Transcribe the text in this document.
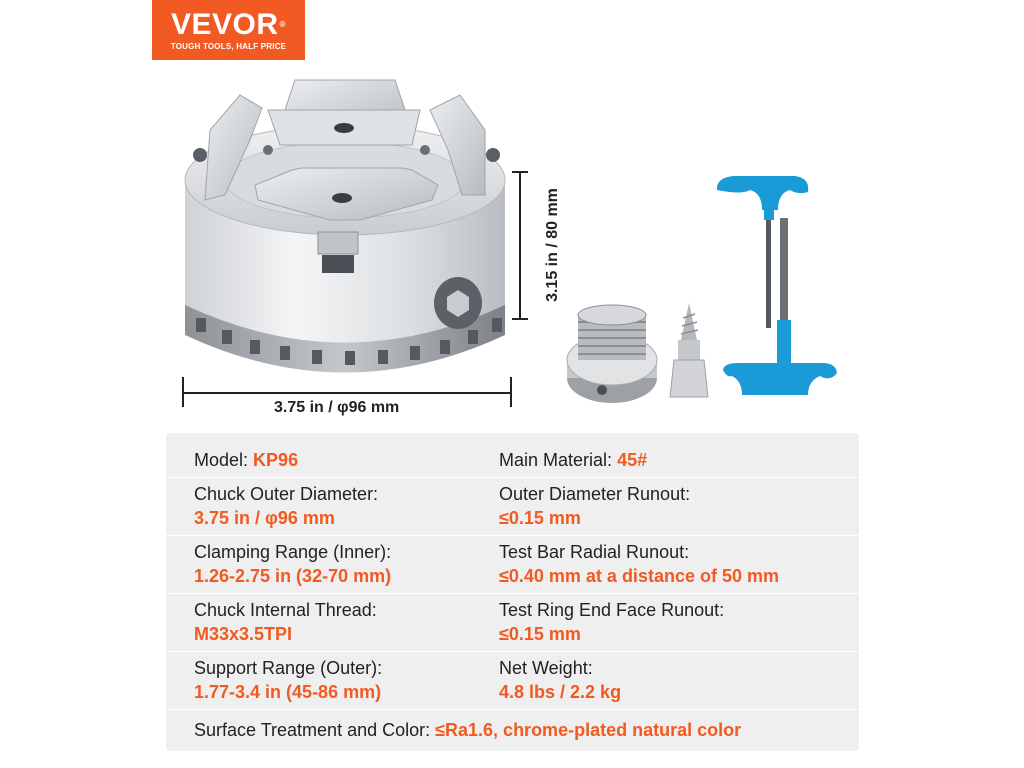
VEVOR®
TOUGH TOOLS, HALF PRICE
3.75 in / φ96 mm
3.15 in / 80 mm
Model: KP96	Main Material: 45#
Chuck Outer Diameter:
3.75 in / φ96 mm
Outer Diameter Runout:
≤0.15 mm
Clamping Range (Inner):
1.26-2.75 in (32-70 mm)
Test Bar Radial Runout:
≤0.40 mm at a distance of 50 mm
Chuck Internal Thread:
M33x3.5TPI
Test Ring End Face Runout:
≤0.15 mm
Support Range (Outer):
1.77-3.4 in (45-86 mm)
Net Weight:
4.8 lbs / 2.2 kg
Surface Treatment and Color: ≤Ra1.6, chrome-plated natural color
